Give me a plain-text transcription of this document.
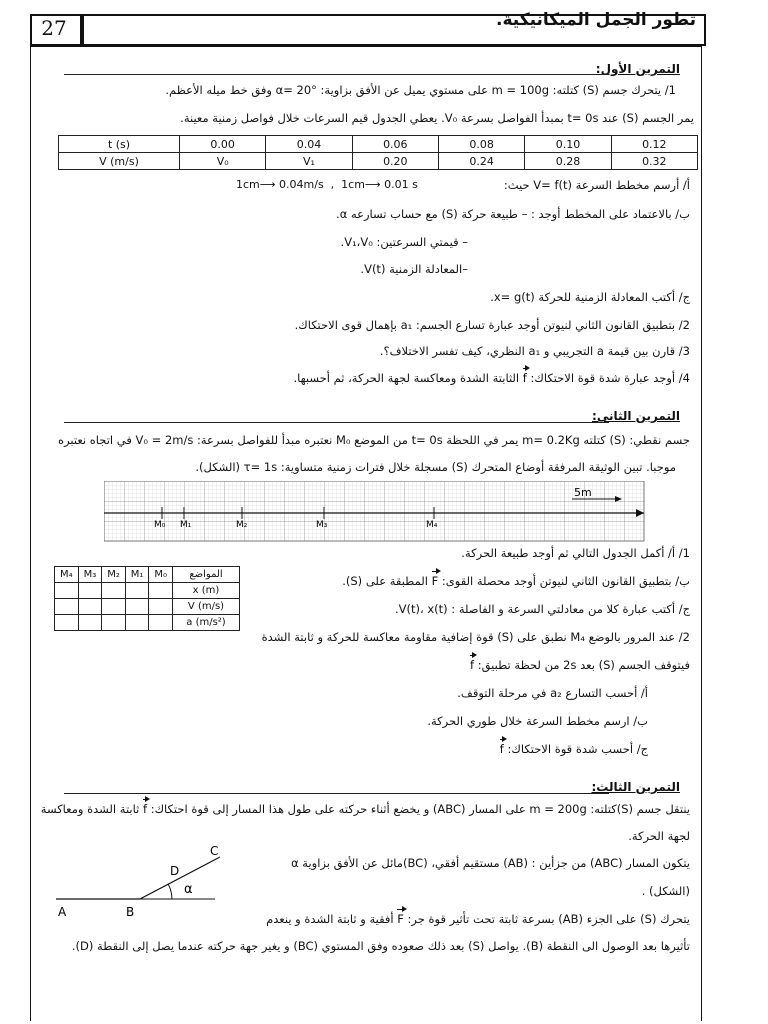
27	تطور الجمل الميكانيكية.
التمرين الأول:
1/ يتحرك جسم (S) كتلته: m = 100g على مستوي يميل عن الأفق بزاوية: α= 20° وفق خط ميله الأعظم.
يمر الجسم (S) عند t= 0s بمبدأ الفواصل بسرعة V₀. يعطي الجدول قيم السرعات خلال فواصل زمنية معينة.
t (s)	0.00	0.04	0.06	0.08	0.10	0.12
V (m/s)	V₀	V₁	0.20	0.24	0.28	0.32
1cm⟶ 0.04m/s  ,  1cm⟶ 0.01 s	أ/ أرسم مخطط السرعة V= f(t) حيث:
ب/ بالاعتماد على المخطط أوجد : – طبيعة حركة (S) مع حساب تسارعه α.
– قيمتي السرعتين: V₁،V₀.
–المعادلة الزمنية V(t).
ج/ أكتب المعادلة الزمنية للحركة x= g(t).
2/ بتطبيق القانون الثاني لنيوتن أوجد عبارة تسارع الجسم: a₁ بإهمال قوى الاحتكاك.
3/ قارن بين قيمة a التجريبي و a₁ النظري، كيف تفسر الاختلاف؟.
4/ أوجد عبارة شدة قوة الاحتكاك: f الثابتة الشدة ومعاكسة لجهة الحركة، ثم أحسبها.
التمرين الثاني:
جسم نقطي: (S) كتلته m= 0.2Kg يمر في اللحظة t= 0s من الموضع M₀ نعتبره مبدأ للفواصل بسرعة: V₀ = 2m/s في اتجاه نعتبره
موجبا. تبين الوثيقة المرفقة أوضاع المتحرك (S) مسجلة خلال فترات زمنية متساوية: τ= 1s (الشكل).
5m
M₀ M₁	M₂	M₃	M₄
المواضع	M₀	M₁	M₂	M₃	M₄
x (m)					
V (m/s)					
a (m/s²)					
1/ أ/ أكمل الجدول التالي ثم أوجد طبيعة الحركة.
ب/ بتطبيق القانون الثاني لنيوتن أوجد محصلة القوى: F المطبقة على (S).
ج/ أكتب عبارة كلا من معادلتي السرعة و الفاصلة : V(t)، x(t).
2/ عند المرور بالوضع M₄ نطبق على (S) قوة إضافية مقاومة معاكسة للحركة و ثابتة الشدة
فيتوقف الجسم (S) بعد 2s من لحظة تطبيق: f
أ/ أحسب التسارع a₂ في مرحلة التوقف.
ب/ ارسم مخطط السرعة خلال طوري الحركة.
ج/ أحسب شدة قوة الاحتكاك: f
التمرين الثالث:
ينتقل جسم (S)كتلته: m = 200g على المسار (ABC) و يخضع أثناء حركته على طول هذا المسار إلى قوة احتكاك: f ثابتة الشدة ومعاكسة
لجهة الحركة.
يتكون المسار (ABC) من جزأين : (AB) مستقيم أفقي، (BC)مائل عن الأفق بزاوية α
(الشكل) .
يتحرك (S) على الجزء (AB) بسرعة ثابتة تحت تأثير قوة جر: F أفقية و ثابتة الشدة و ينعدم
تأثيرها بعد الوصول الى النقطة (B). يواصل (S) بعد ذلك صعوده وفق المستوي (BC) و يغير جهة حركته عندما يصل إلى النقطة (D).
A	B
C
D
α
